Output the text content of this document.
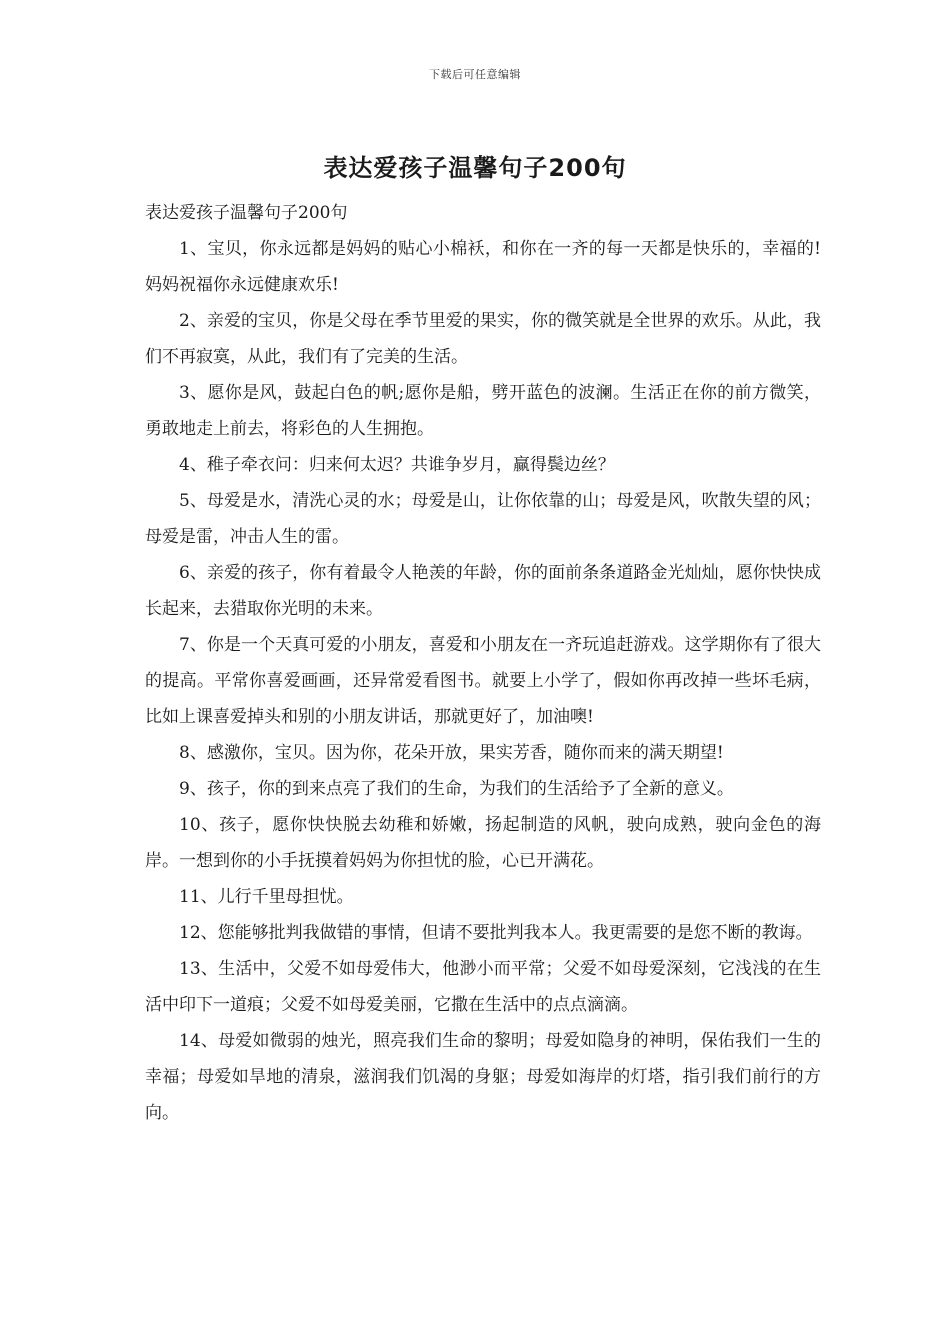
下载后可任意编辑
表达爱孩子温馨句子200句

表达爱孩子温馨句子200句

1、宝贝，你永远都是妈妈的贴心小棉袄，和你在一齐的每一天都是快乐的，幸福的!妈妈祝福你永远健康欢乐!

2、亲爱的宝贝，你是父母在季节里爱的果实，你的微笑就是全世界的欢乐。从此，我们不再寂寞，从此，我们有了完美的生活。

3、愿你是风，鼓起白色的帆;愿你是船，劈开蓝色的波澜。生活正在你的前方微笑，勇敢地走上前去，将彩色的人生拥抱。

4、稚子牵衣问：归来何太迟？共谁争岁月，赢得鬓边丝？

5、母爱是水，清洗心灵的水；母爱是山，让你依靠的山；母爱是风，吹散失望的风；母爱是雷，冲击人生的雷。

6、亲爱的孩子，你有着最令人艳羡的年龄，你的面前条条道路金光灿灿，愿你快快成长起来，去猎取你光明的未来。

7、你是一个天真可爱的小朋友，喜爱和小朋友在一齐玩追赶游戏。这学期你有了很大的提高。平常你喜爱画画，还异常爱看图书。就要上小学了，假如你再改掉一些坏毛病，比如上课喜爱掉头和别的小朋友讲话，那就更好了，加油噢!

8、感激你，宝贝。因为你，花朵开放，果实芳香，随你而来的满天期望!

9、孩子，你的到来点亮了我们的生命，为我们的生活给予了全新的意义。

10、孩子，愿你快快脱去幼稚和娇嫩，扬起制造的风帆，驶向成熟，驶向金色的海岸。一想到你的小手抚摸着妈妈为你担忧的脸，心已开满花。

11、儿行千里母担忧。

12、您能够批判我做错的事情，但请不要批判我本人。我更需要的是您不断的教诲。

13、生活中，父爱不如母爱伟大，他渺小而平常；父爱不如母爱深刻，它浅浅的在生活中印下一道痕；父爱不如母爱美丽，它撒在生活中的点点滴滴。

14、母爱如微弱的烛光，照亮我们生命的黎明；母爱如隐身的神明，保佑我们一生的幸福；母爱如旱地的清泉，滋润我们饥渴的身躯；母爱如海岸的灯塔，指引我们前行的方向。
